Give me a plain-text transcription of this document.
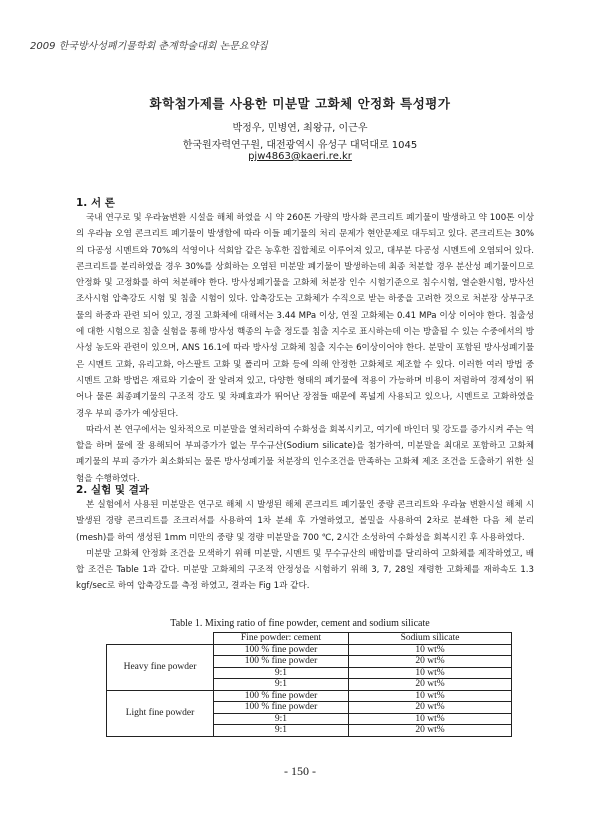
2009 한국방사성폐기물학회 춘계학술대회 논문요약집
화학첨가제를 사용한 미분말 고화체 안정화 특성평가
박정우, 민병연, 최왕규, 이근우
한국원자력연구원, 대전광역시 유성구 대덕대로 1045
pjw4863@kaeri.re.kr
1. 서 론

국내 연구로 및 우라늄변환 시설을 해체 하였을 시 약 260톤 가량의 방사화 콘크리트 폐기물이 발생하고 약 100톤 이상의 우라늄 오염 콘크리트 폐기물이 발생함에 따라 이들 폐기물의 처리 문제가 현안문제로 대두되고 있다. 콘크리트는 30%의 다공성 시멘트와 70%의 석영이나 석회암 같은 농후한 집합체로 이루어져 있고, 대부분 다공성 시멘트에 오염되어 있다. 콘크리트를 분리하였을 경우 30%를 상회하는 오염된 미분말 폐기물이 발생하는데 최종 처분할 경우 분산성 폐기물이므로 안정화 및 고정화를 하여 처분해야 한다. 방사성폐기물을 고화체 처분장 인수 시험기준으로 침수시험, 열순환시험, 방사선 조사시험 압축강도 시험 및 침출 시험이 있다. 압축강도는 고화체가 수직으로 받는 하중을 고려한 것으로 처분장 상부구조물의 하중과 관련 되어 있고, 경질 고화체에 대해서는 3.44 MPa 이상, 연질 고화체는 0.41 MPa 이상 이어야 한다. 침출성에 대한 시험으로 침출 실험을 통해 방사성 핵종의 누출 정도를 침출 지수로 표시하는데 이는 방출될 수 있는 수중에서의 방사성 농도와 관련이 있으며, ANS 16.1에 따라 방사성 고화체 침출 지수는 6이상이어야 한다. 분말이 포함된 방사성폐기물은 시멘트 고화, 유리고화, 아스팔트 고화 및 폴리머 고화 등에 의해 안정한 고화체로 제조할 수 있다. 이러한 여러 방법 중 시멘트 고화 방법은 재료와 기술이 잘 알려져 있고, 다양한 형태의 폐기물에 적용이 가능하며 비용이 저렴하여 경제성이 뛰어나 물론 최종폐기물의 구조적 강도 및 차폐효과가 뛰어난 장점들 때문에 폭넓게 사용되고 있으나, 시멘트로 고화하였을 경우 부피 증가가 예상된다.

따라서 본 연구에서는 일차적으로 미분말을 열처리하여 수화성을 회복시키고, 여기에 바인더 및 강도를 증가시켜 주는 역할을 하며 물에 잘 용해되어 부피증가가 없는 무수규산(Sodium silicate)을 첨가하여, 미분말을 최대로 포함하고 고화체 폐기물의 부피 증가가 최소화되는 물론 방사성폐기물 처분장의 인수조건을 만족하는 고화체 제조 조건을 도출하기 위한 실험을 수행하였다.

2. 실험 및 결과

본 실험에서 사용된 미분말은 연구로 해체 시 발생된 해체 콘크리트 폐기물인 중량 콘크리트와 우라늄 변환시설 해체 시 발생된 경량 콘크리트를 조크러셔를 사용하여 1차 분쇄 후 가열하였고, 볼밀을 사용하여 2차로 분쇄한 다음 체 분리(mesh)를 하여 생성된 1mm 미만의 중량 및 경량 미분말을 700 ℃, 2시간 소성하여 수화성을 회복시킨 후 사용하였다.

미분말 고화체 안정화 조건을 모색하기 위해 미분말, 시멘트 및 무수규산의 배합비를 달리하여 고화체를 제작하였고, 배합 조건은 Table 1과 같다. 미분말 고화체의 구조적 안정성을 시험하기 위해 3, 7, 28일 재령한 고화체를 재하속도 1.3 kgf/sec로 하여 압축강도를 측정 하였고, 결과는 Fig 1과 같다.

Table 1. Mixing ratio of fine powder, cement and sodium silicate
	Fine powder: cement	Sodium silicate
Heavy fine powder	100 % fine powder	10 wt%
	100 % fine powder	20 wt%
	9:1	10 wt%
	9:1	20 wt%
Light fine powder	100 % fine powder	10 wt%
	100 % fine powder	20 wt%
	9:1	10 wt%
	9:1	20 wt%
- 150 -
